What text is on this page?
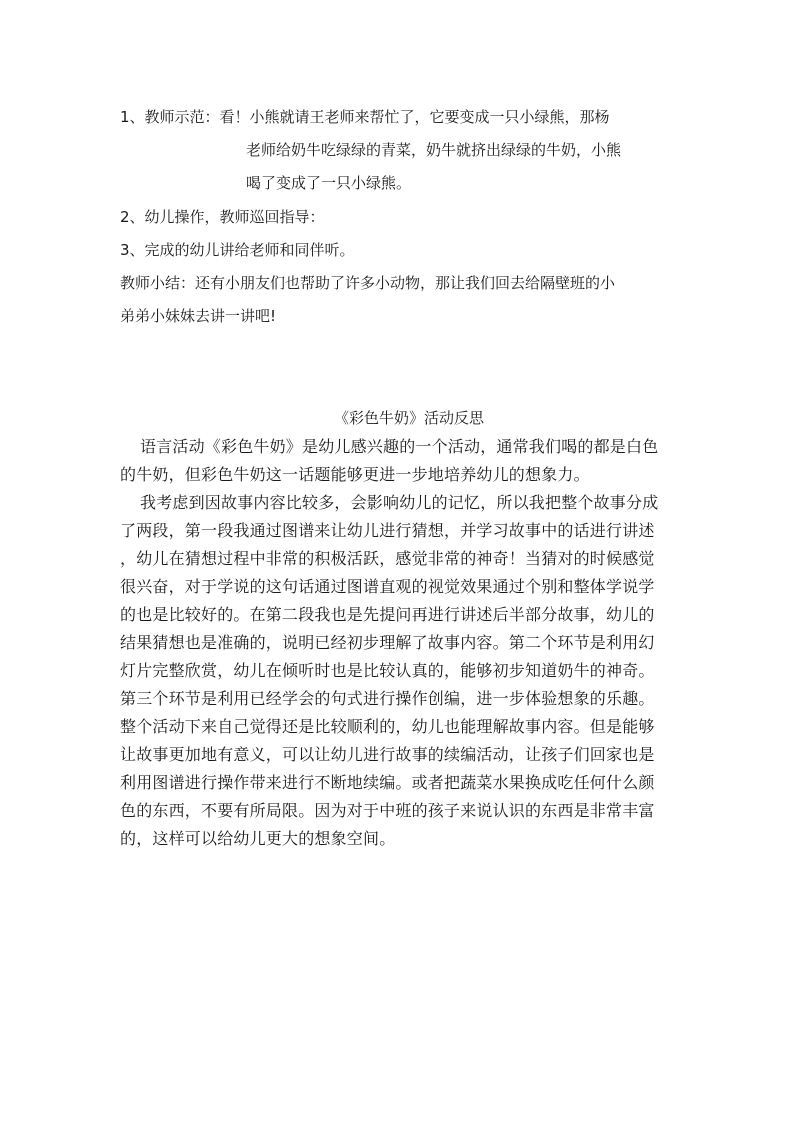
1、教师示范：看！小熊就请王老师来帮忙了，它要变成一只小绿熊，那杨
老师给奶牛吃绿绿的青菜，奶牛就挤出绿绿的牛奶，小熊
喝了变成了一只小绿熊。
2、幼儿操作，教师巡回指导：
3、完成的幼儿讲给老师和同伴听。
教师小结：还有小朋友们也帮助了许多小动物，那让我们回去给隔壁班的小
弟弟小妹妹去讲一讲吧!
《彩色牛奶》活动反思
语言活动《彩色牛奶》是幼儿感兴趣的一个活动，通常我们喝的都是白色
的牛奶，但彩色牛奶这一话题能够更进一步地培养幼儿的想象力。
我考虑到因故事内容比较多，会影响幼儿的记忆，所以我把整个故事分成
了两段，第一段我通过图谱来让幼儿进行猜想，并学习故事中的话进行讲述
，幼儿在猜想过程中非常的积极活跃，感觉非常的神奇！当猜对的时候感觉
很兴奋，对于学说的这句话通过图谱直观的视觉效果通过个别和整体学说学
的也是比较好的。在第二段我也是先提问再进行讲述后半部分故事，幼儿的
结果猜想也是准确的，说明已经初步理解了故事内容。第二个环节是利用幻
灯片完整欣赏，幼儿在倾听时也是比较认真的，能够初步知道奶牛的神奇。
第三个环节是利用已经学会的句式进行操作创编，进一步体验想象的乐趣。
整个活动下来自己觉得还是比较顺利的，幼儿也能理解故事内容。但是能够
让故事更加地有意义，可以让幼儿进行故事的续编活动，让孩子们回家也是
利用图谱进行操作带来进行不断地续编。或者把蔬菜水果换成吃任何什么颜
色的东西，不要有所局限。因为对于中班的孩子来说认识的东西是非常丰富
的，这样可以给幼儿更大的想象空间。
